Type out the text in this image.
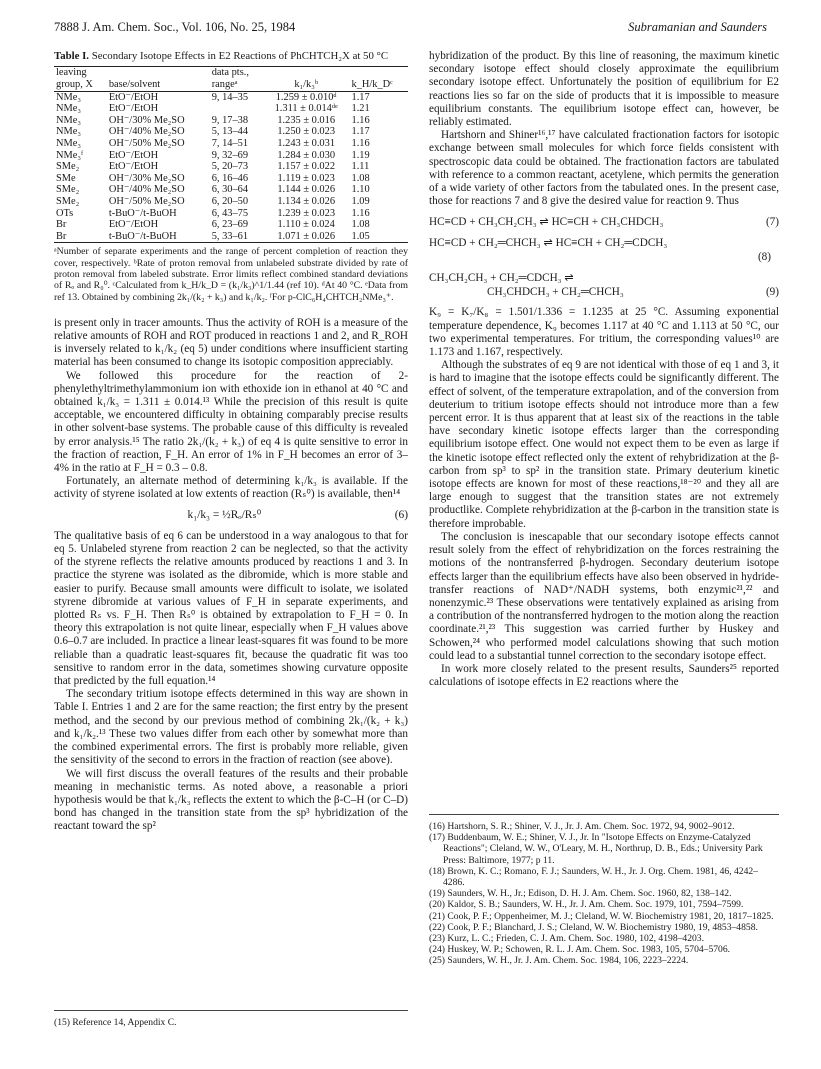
7888 J. Am. Chem. Soc., Vol. 106, No. 25, 1984	Subramanian and Saunders
Table I. Secondary Isotope Effects in E2 Reactions of PhCHTCH₂X at 50 °C
leaving		data pts.,		
group, X	base/solvent	rangeᵃ	k₁/k₃ᵇ	k_H/k_Dᶜ
NMe₃	EtO⁻/EtOH	9, 14–35	1.259 ± 0.010ᵈ	1.17
NMe₃	EtO⁻/EtOH		1.311 ± 0.014ᵈᵉ	1.21
NMe₃	OH⁻/30% Me₂SO	9, 17–38	1.235 ± 0.016	1.16
NMe₃	OH⁻/40% Me₂SO	5, 13–44	1.250 ± 0.023	1.17
NMe₃	OH⁻/50% Me₂SO	7, 14–51	1.243 ± 0.031	1.16
NMe₃ᶠ	EtO⁻/EtOH	9, 32–69	1.284 ± 0.030	1.19
SMe₂	EtO⁻/EtOH	5, 20–73	1.157 ± 0.022	1.11
SMe	OH⁻/30% Me₂SO	6, 16–46	1.119 ± 0.023	1.08
SMe₂	OH⁻/40% Me₂SO	6, 30–64	1.144 ± 0.026	1.10
SMe₂	OH⁻/50% Me₂SO	6, 20–50	1.134 ± 0.026	1.09
OTs	t-BuO⁻/t-BuOH	6, 43–75	1.239 ± 0.023	1.16
Br	EtO⁻/EtOH	6, 23–69	1.110 ± 0.024	1.08
Br	t-BuO⁻/t-BuOH	5, 33–61	1.071 ± 0.026	1.05
ᵃNumber of separate experiments and the range of percent completion of reaction they cover, respectively. ᵇRate of proton removal from unlabeled substrate divided by rate of proton removal from labeled substrate. Error limits reflect combined standard deviations of Rₒ and R₀⁰. ᶜCalculated from k_H/k_D = (k₁/k₃)^1/1.44 (ref 10). ᵈAt 40 °C. ᵉData from ref 13. Obtained by combining 2k₁/(k₂ + k₃) and k₁/k₂. ᶠFor p-ClC₆H₄CHTCH₂NMe₃⁺.

is present only in tracer amounts. Thus the activity of ROH is a measure of the relative amounts of ROH and ROT produced in reactions 1 and 2, and R_ROH is inversely related to k₁/k₂ (eq 5) under conditions where insufficient starting material has been consumed to change its isotopic composition appreciably.

We followed this procedure for the reaction of 2-phenylethyltrimethylammonium ion with ethoxide ion in ethanol at 40 °C and obtained k₁/k₃ = 1.311 ± 0.014.¹³ While the precision of this result is quite acceptable, we encountered difficulty in obtaining comparably precise results in other solvent-base systems. The probable cause of this difficulty is revealed by error analysis.¹⁵ The ratio 2k₁/(k₂ + k₃) of eq 4 is quite sensitive to error in the fraction of reaction, F_H. An error of 1% in F_H becomes an error of 3–4% in the ratio at F_H = 0.3 – 0.8.

Fortunately, an alternate method of determining k₁/k₃ is available. If the activity of styrene isolated at low extents of reaction (Rₛ⁰) is available, then¹⁴

k₁/k₃ = ½Rₒ/Rₛ⁰	(6)

The qualitative basis of eq 6 can be understood in a way analogous to that for eq 5. Unlabeled styrene from reaction 2 can be neglected, so that the activity of the styrene reflects the relative amounts produced by reactions 1 and 3. In practice the styrene was isolated as the dibromide, which is more stable and easier to purify. Because small amounts were difficult to isolate, we isolated styrene dibromide at various values of F_H in separate experiments, and plotted Rₛ vs. F_H. Then Rₛ⁰ is obtained by extrapolation to F_H = 0. In theory this extrapolation is not quite linear, especially when F_H values above 0.6–0.7 are included. In practice a linear least-squares fit was found to be more reliable than a quadratic least-squares fit, because the quadratic fit was too sensitive to random error in the data, sometimes showing curvature opposite that predicted by the full equation.¹⁴

The secondary tritium isotope effects determined in this way are shown in Table I. Entries 1 and 2 are for the same reaction; the first entry by the present method, and the second by our previous method of combining 2k₁/(k₂ + k₃) and k₁/k₂.¹³ These two values differ from each other by somewhat more than the combined experimental errors. The first is probably more reliable, given the sensitivity of the second to errors in the fraction of reaction (see above).

We will first discuss the overall features of the results and their probable meaning in mechanistic terms. As noted above, a reasonable a priori hypothesis would be that k₁/k₃ reflects the extent to which the β-C–H (or C–D) bond has changed in the transition state from the sp³ hybridization of the reactant toward the sp²

(15) Reference 14, Appendix C.

hybridization of the product. By this line of reasoning, the maximum kinetic secondary isotope effect should closely approximate the equilibrium secondary isotope effect. Unfortunately the position of equilibrium for E2 reactions lies so far on the side of products that it is impossible to measure equilibrium constants. The equilibrium isotope effect can, however, be reliably estimated.

Hartshorn and Shiner¹⁶,¹⁷ have calculated fractionation factors for isotopic exchange between small molecules for which force fields consistent with spectroscopic data could be obtained. The fractionation factors are tabulated with reference to a common reactant, acetylene, which permits the generation of a wide variety of other factors from the tabulated ones. In the present case, those for reactions 7 and 8 give the desired value for reaction 9. Thus

HC≡CD + CH₃CH₂CH₃ ⇌ HC≡CH + CH₃CHDCH₃	(7)
HC≡CD + CH₂═CHCH₃ ⇌ HC≡CH + CH₂═CDCH₃
(8)
CH₃CH₂CH₃ + CH₂═CDCH₃ ⇌
CH₃CHDCH₃ + CH₂═CHCH₃	(9)

K₉ = K₇/K₈ = 1.501/1.336 = 1.1235 at 25 °C. Assuming exponential temperature dependence, K₉ becomes 1.117 at 40 °C and 1.113 at 50 °C, our two experimental temperatures. For tritium, the corresponding values¹⁰ are 1.173 and 1.167, respectively.

Although the substrates of eq 9 are not identical with those of eq 1 and 3, it is hard to imagine that the isotope effects could be significantly different. The effect of solvent, of the temperature extrapolation, and of the conversion from deuterium to tritium isotope effects should not introduce more than a few percent error. It is thus apparent that at least six of the reactions in the table have secondary kinetic isotope effects larger than the corresponding equilibrium isotope effect. One would not expect them to be even as large if the kinetic isotope effect reflected only the extent of rehybridization at the β-carbon from sp³ to sp² in the transition state. Primary deuterium kinetic isotope effects are known for most of these reactions,¹⁸⁻²⁰ and they all are large enough to suggest that the transition states are not extremely productlike. Complete rehybridization at the β-carbon in the transition state is therefore improbable.

The conclusion is inescapable that our secondary isotope effects cannot result solely from the effect of rehybridization on the forces restraining the motions of the nontransferred β-hydrogen. Secondary deuterium isotope effects larger than the equilibrium effects have also been observed in hydride-transfer reactions of NAD⁺/NADH systems, both enzymic²¹,²² and nonenzymic.²³ These observations were tentatively explained as arising from a contribution of the nontransferred hydrogen to the motion along the reaction coordinate.²¹,²³ This suggestion was carried further by Huskey and Schowen,²⁴ who performed model calculations showing that such motion could lead to a substantial tunnel correction to the secondary isotope effect.

In work more closely related to the present results, Saunders²⁵ reported calculations of isotope effects in E2 reactions where the

(16) Hartshorn, S. R.; Shiner, V. J., Jr. J. Am. Chem. Soc. 1972, 94, 9002–9012.
(17) Buddenbaum, W. E.; Shiner, V. J., Jr. In "Isotope Effects on Enzyme-Catalyzed Reactions"; Cleland, W. W., O'Leary, M. H., Northrup, D. B., Eds.; University Park Press: Baltimore, 1977; p 11.
(18) Brown, K. C.; Romano, F. J.; Saunders, W. H., Jr. J. Org. Chem. 1981, 46, 4242–4286.
(19) Saunders, W. H., Jr.; Edison, D. H. J. Am. Chem. Soc. 1960, 82, 138–142.
(20) Kaldor, S. B.; Saunders, W. H., Jr. J. Am. Chem. Soc. 1979, 101, 7594–7599.
(21) Cook, P. F.; Oppenheimer, M. J.; Cleland, W. W. Biochemistry 1981, 20, 1817–1825.
(22) Cook, P. F.; Blanchard, J. S.; Cleland, W. W. Biochemistry 1980, 19, 4853–4858.
(23) Kurz, L. C.; Frieden, C. J. Am. Chem. Soc. 1980, 102, 4198–4203.
(24) Huskey, W. P.; Schowen, R. L. J. Am. Chem. Soc. 1983, 105, 5704–5706.
(25) Saunders, W. H., Jr. J. Am. Chem. Soc. 1984, 106, 2223–2224.
